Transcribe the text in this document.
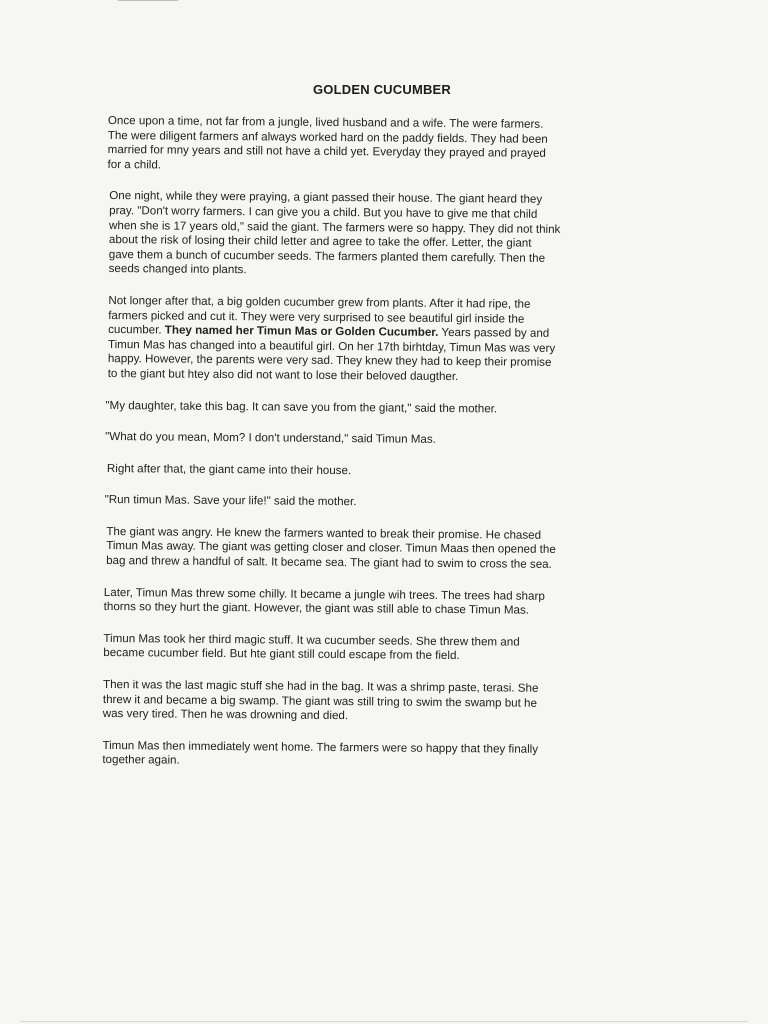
GOLDEN CUCUMBER

Once upon a time, not far from a jungle, lived husband and a wife. The were farmers.
The were diligent farmers anf always worked hard on the paddy fields. They had been
married for mny years and still not have a child yet. Everyday they prayed and prayed
for a child.

One night, while they were praying, a giant passed their house. The giant heard they
pray. "Don't worry farmers. I can give you a child. But you have to give me that child
when she is 17 years old," said the giant. The farmers were so happy. They did not think
about the risk of losing their child letter and agree to take the offer. Letter, the giant
gave them a bunch of cucumber seeds. The farmers planted them carefully. Then the
seeds changed into plants.

Not longer after that, a big golden cucumber grew from plants. After it had ripe, the
farmers picked and cut it. They were very surprised to see beautiful girl inside the
cucumber. They named her Timun Mas or Golden Cucumber. Years passed by and
Timun Mas has changed into a beautiful girl. On her 17th birhtday, Timun Mas was very
happy. However, the parents were very sad. They knew they had to keep their promise
to the giant but htey also did not want to lose their beloved daugther.

"My daughter, take this bag. It can save you from the giant," said the mother.

"What do you mean, Mom? I don't understand," said Timun Mas.

Right after that, the giant came into their house.

"Run timun Mas. Save your life!" said the mother.

The giant was angry. He knew the farmers wanted to break their promise. He chased
Timun Mas away. The giant was getting closer and closer. Timun Maas then opened the
bag and threw a handful of salt. It became sea. The giant had to swim to cross the sea.

Later, Timun Mas threw some chilly. It became a jungle wih trees. The trees had sharp
thorns so they hurt the giant. However, the giant was still able to chase Timun Mas.

Timun Mas took her third magic stuff. It wa cucumber seeds. She threw them and
became cucumber field. But hte giant still could escape from the field.

Then it was the last magic stuff she had in the bag. It was a shrimp paste, terasi. She
threw it and became a big swamp. The giant was still tring to swim the swamp but he
was very tired. Then he was drowning and died.

Timun Mas then immediately went home. The farmers were so happy that they finally
together again.
